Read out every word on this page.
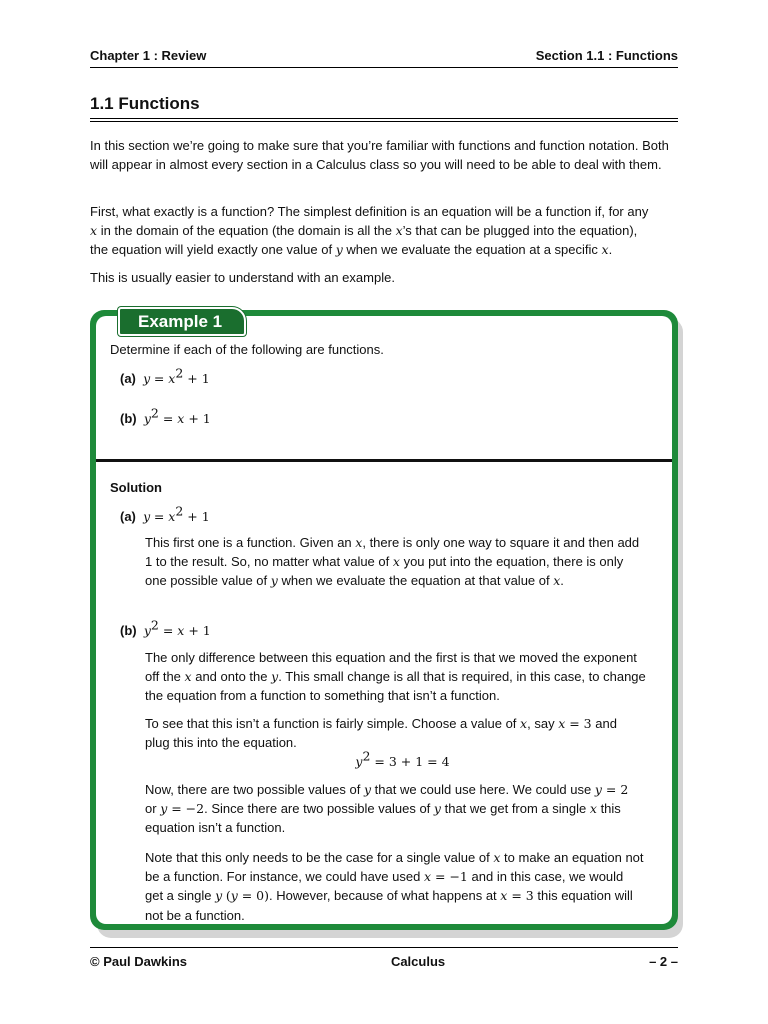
Chapter 1 : Review	Section 1.1 : Functions
1.1 Functions

In this section we’re going to make sure that you’re familiar with functions and function notation. Both will appear in almost every section in a Calculus class so you will need to be able to deal with them.

First, what exactly is a function? The simplest definition is an equation will be a function if, for any
x in the domain of the equation (the domain is all the x’s that can be plugged into the equation),
the equation will yield exactly one value of y when we evaluate the equation at a specific x.

This is usually easier to understand with an example.

Example 1

Determine if each of the following are functions.

(a) $y = x^2 + 1$

(b) $y^2 = x + 1$

Solution

(a) $y = x^2 + 1$

This first one is a function. Given an x, there is only one way to square it and then add
1 to the result. So, no matter what value of x you put into the equation, there is only
one possible value of y when we evaluate the equation at that value of x.

(b) $y^2 = x + 1$

The only difference between this equation and the first is that we moved the exponent
off the x and onto the y. This small change is all that is required, in this case, to change
the equation from a function to something that isn’t a function.

To see that this isn’t a function is fairly simple. Choose a value of x, say x = 3 and
plug this into the equation.

$y^2 = 3 + 1 = 4$

Now, there are two possible values of y that we could use here. We could use y = 2
or y = −2. Since there are two possible values of y that we get from a single x this
equation isn’t a function.

Note that this only needs to be the case for a single value of x to make an equation not
be a function. For instance, we could have used x = −1 and in this case, we would
get a single y (y = 0). However, because of what happens at x = 3 this equation will
not be a function.

© Paul Dawkins	Calculus	– 2 –
